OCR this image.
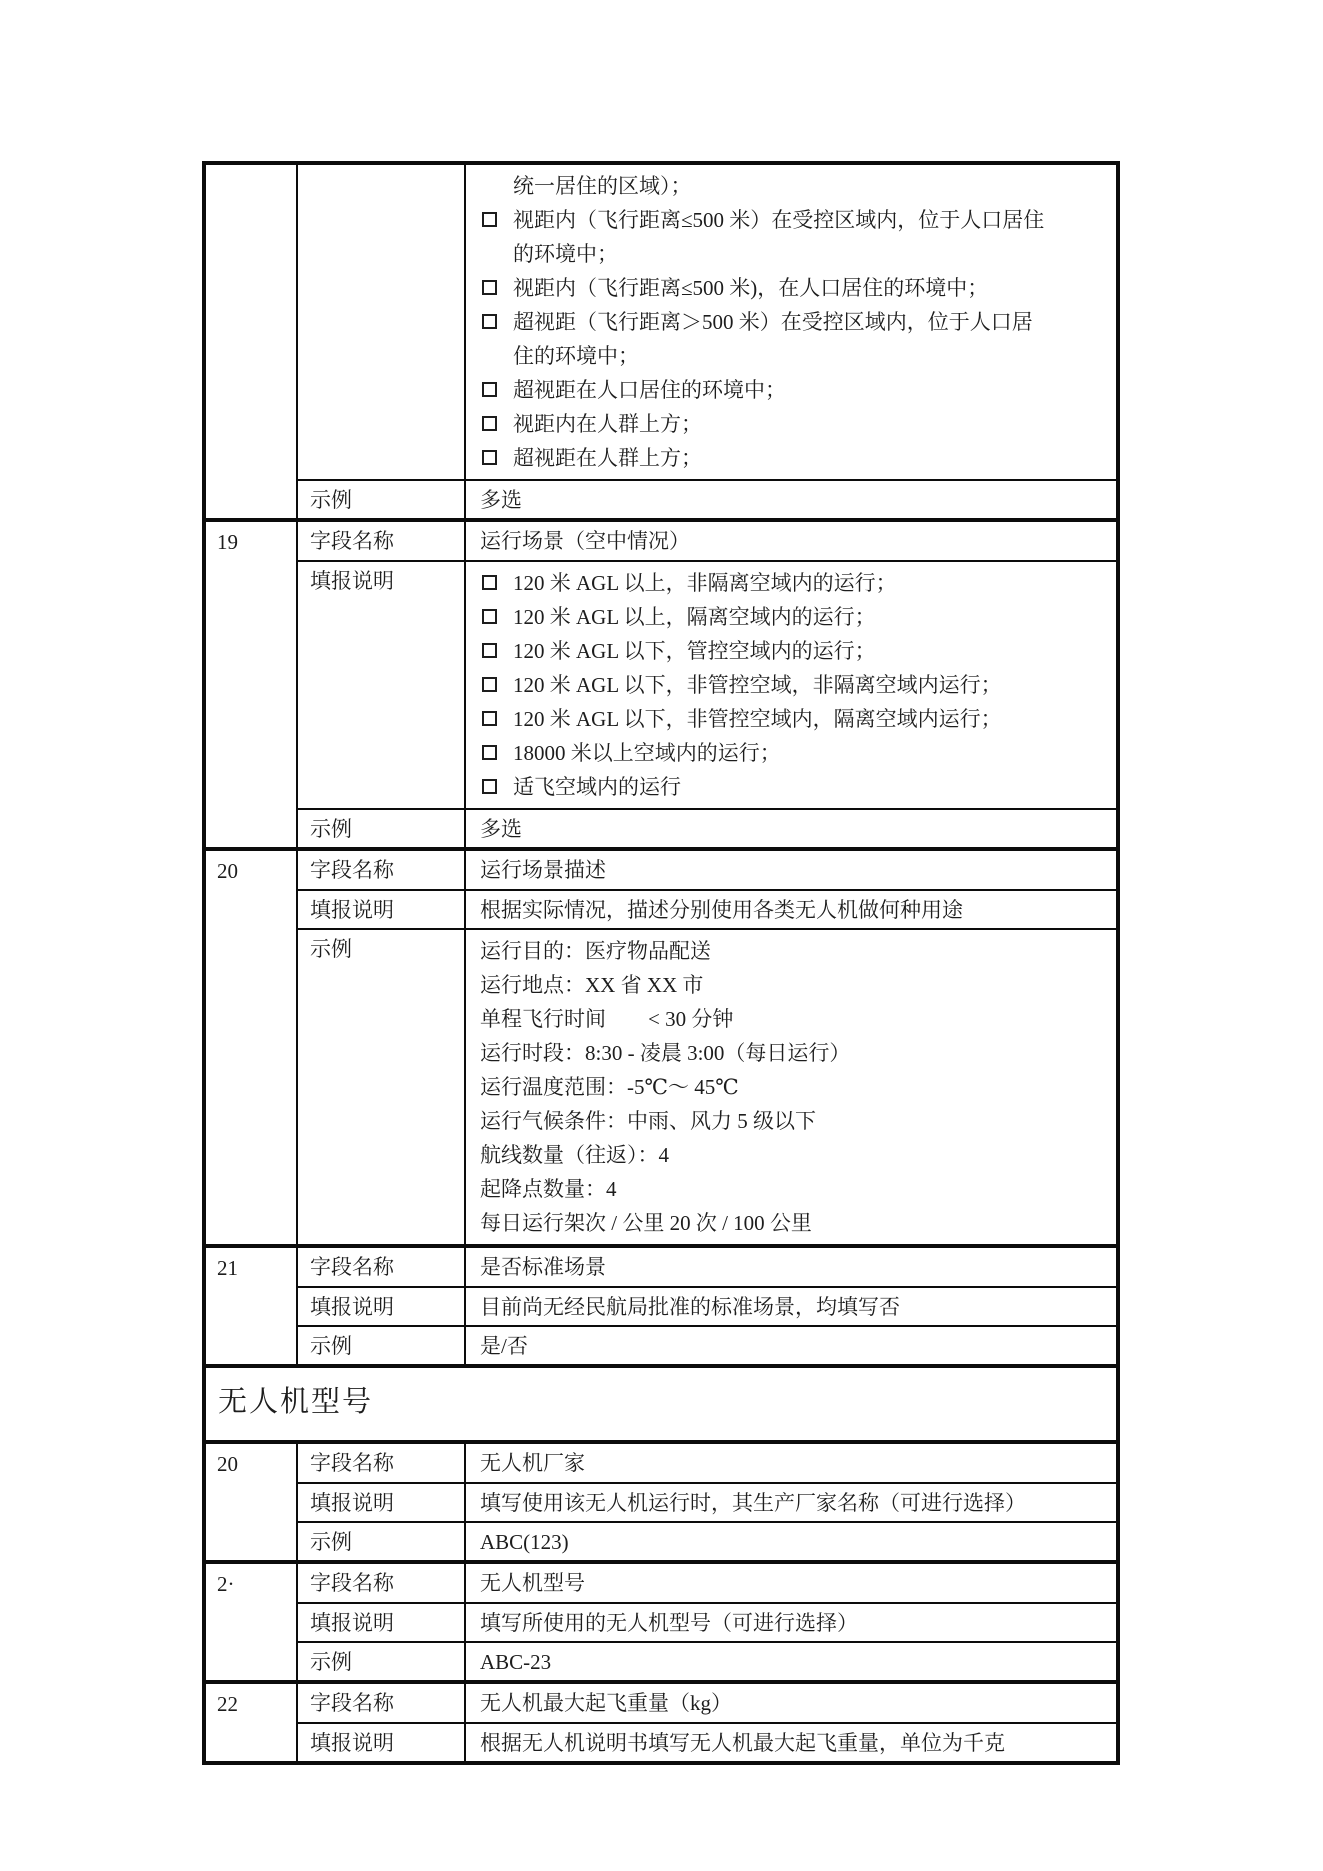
统一居住的区域）；
视距内（飞行距离≤500 米）在受控区域内，位于人口居住的环境中；
视距内（飞行距离≤500 米)，在人口居住的环境中；
超视距（飞行距离＞500 米）在受控区域内，位于人口居住的环境中；
超视距在人口居住的环境中；
视距内在人群上方；
超视距在人群上方；
示例	多选
19	字段名称	运行场景（空中情况）
填报说明	120 米 AGL 以上，非隔离空域内的运行；
120 米 AGL 以上，隔离空域内的运行；
120 米 AGL 以下，管控空域内的运行；
120 米 AGL 以下，非管控空域，非隔离空域内运行；
120 米 AGL 以下，非管控空域内，隔离空域内运行；
18000 米以上空域内的运行；
适飞空域内的运行
示例	多选
20	字段名称	运行场景描述
填报说明	根据实际情况，描述分别使用各类无人机做何种用途
示例	运行目的：医疗物品配送
运行地点：XX 省 XX 市
单程飞行时间　　< 30 分钟
运行时段：8:30 - 凌晨 3:00（每日运行）
运行温度范围：-5℃～ 45℃
运行气候条件：中雨、风力 5 级以下
航线数量（往返）：4
起降点数量：4
每日运行架次 / 公里 20 次 / 100 公里
21	字段名称	是否标准场景
填报说明	目前尚无经民航局批准的标准场景，均填写否
示例	是/否
无人机型号
20	字段名称	无人机厂家
填报说明	填写使用该无人机运行时，其生产厂家名称（可进行选择）
示例	ABC(123)
2·	字段名称	无人机型号
填报说明	填写所使用的无人机型号（可进行选择）
示例	ABC-23
22	字段名称	无人机最大起飞重量（kg）
填报说明	根据无人机说明书填写无人机最大起飞重量，单位为千克
